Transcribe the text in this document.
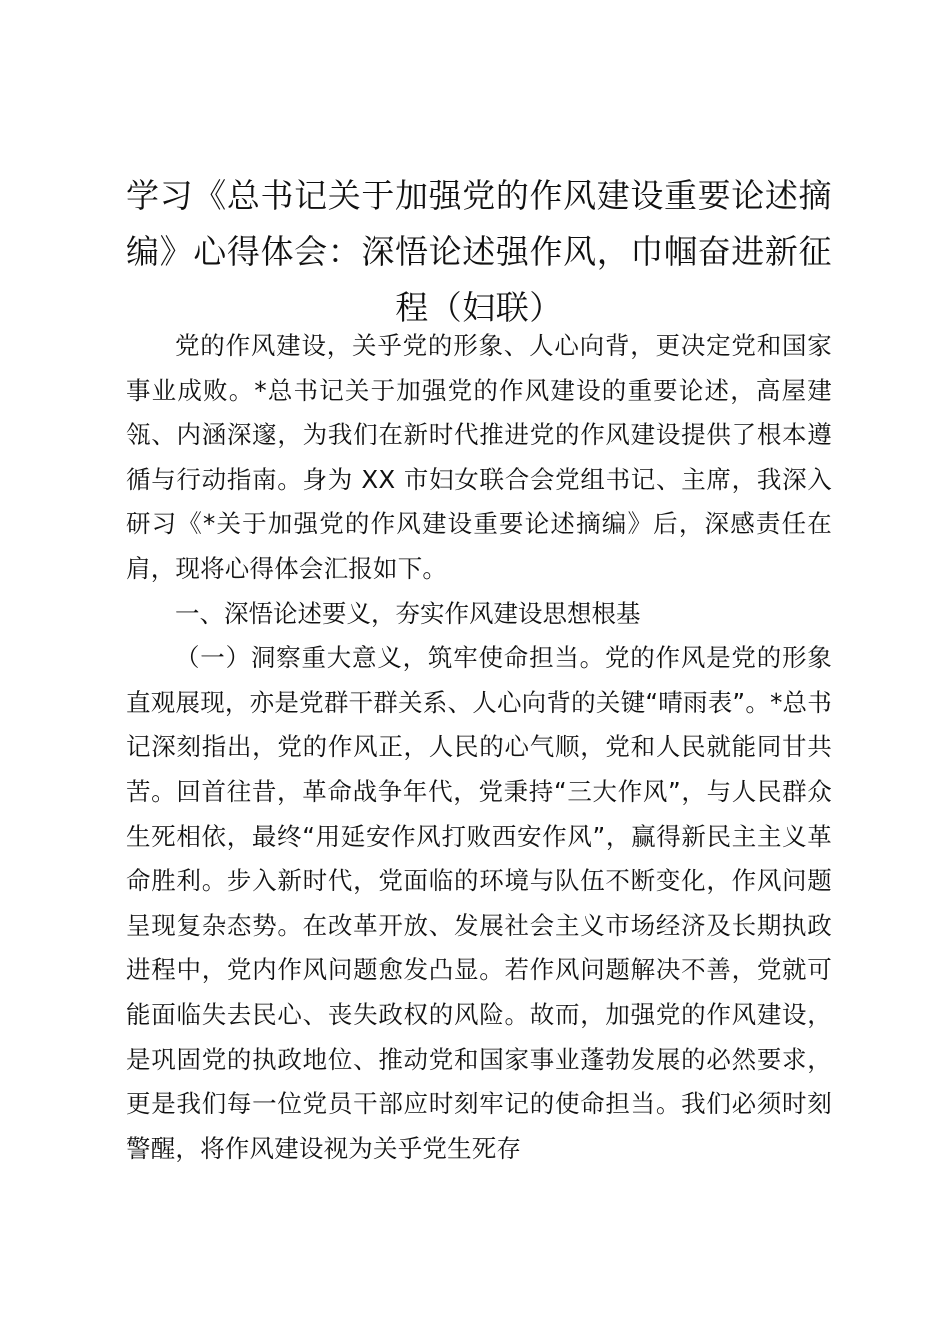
学习《总书记关于加强党的作风建设重要论述摘编》心得体会：深悟论述强作风，巾帼奋进新征程（妇联）

党的作风建设，关乎党的形象、人心向背，更决定党和国家事业成败。*总书记关于加强党的作风建设的重要论述，高屋建瓴、内涵深邃，为我们在新时代推进党的作风建设提供了根本遵循与行动指南。身为 XX 市妇女联合会党组书记、主席，我深入研习《*关于加强党的作风建设重要论述摘编》后，深感责任在肩，现将心得体会汇报如下。

一、深悟论述要义，夯实作风建设思想根基

（一）洞察重大意义，筑牢使命担当。党的作风是党的形象直观展现，亦是党群干群关系、人心向背的关键“晴雨表”。*总书记深刻指出，党的作风正，人民的心气顺，党和人民就能同甘共苦。回首往昔，革命战争年代，党秉持“三大作风”，与人民群众生死相依，最终“用延安作风打败西安作风”，赢得新民主主义革命胜利。步入新时代，党面临的环境与队伍不断变化，作风问题呈现复杂态势。在改革开放、发展社会主义市场经济及长期执政进程中，党内作风问题愈发凸显。若作风问题解决不善，党就可能面临失去民心、丧失政权的风险。故而，加强党的作风建设，是巩固党的执政地位、推动党和国家事业蓬勃发展的必然要求，更是我们每一位党员干部应时刻牢记的使命担当。我们必须时刻警醒，将作风建设视为关乎党生死存
